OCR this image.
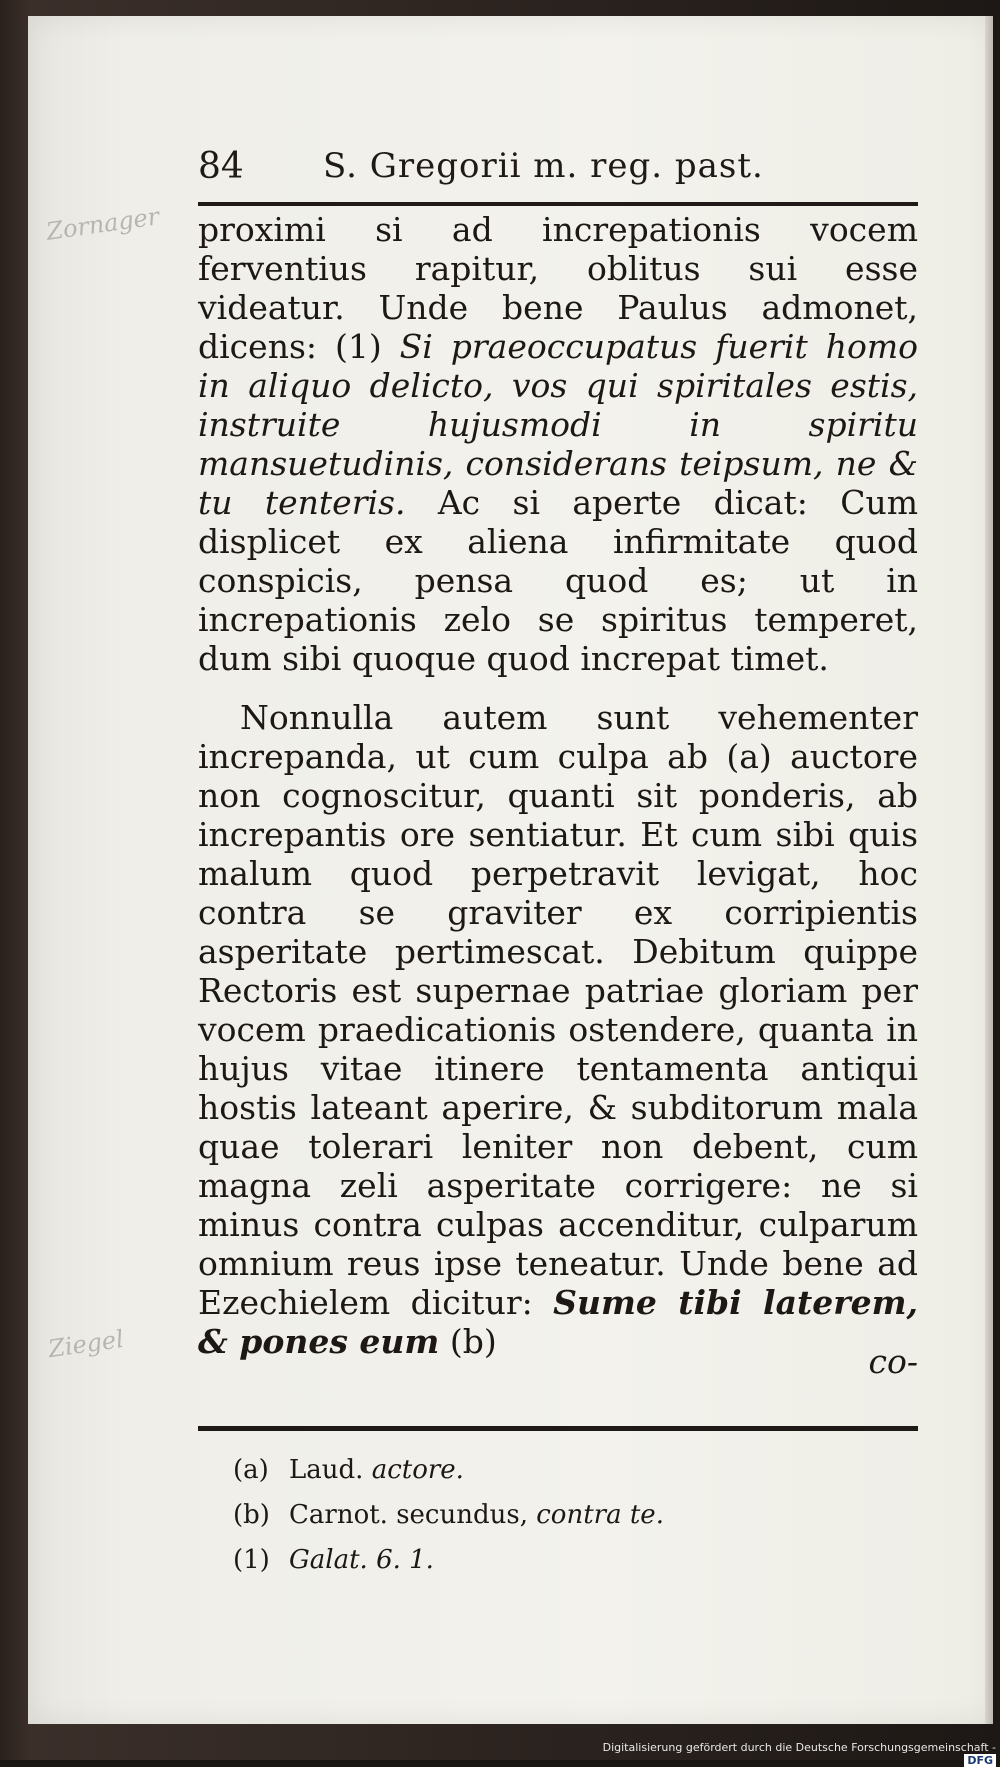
Zornager
Ziegel
84 S. Gregorii m. reg. past.

proximi si ad increpationis vocem ferventius rapitur, oblitus sui esse videatur. Unde bene Paulus admonet, dicens: (1) Si praeoccupatus fuerit homo in aliquo delicto, vos qui spiritales estis, instruite hujusmodi in spiritu mansuetudinis, considerans teipsum, ne & tu tenteris. Ac si aperte dicat: Cum displicet ex aliena infirmitate quod conspicis, pensa quod es; ut in increpationis zelo se spiritus temperet, dum sibi quoque quod increpat timet.

Nonnulla autem sunt vehementer increpanda, ut cum culpa ab (a) auctore non cognoscitur, quanti sit ponderis, ab increpantis ore sentiatur. Et cum sibi quis malum quod perpetravit levigat, hoc contra se graviter ex corripientis asperitate pertimescat. Debitum quippe Rectoris est supernae patriae gloriam per vocem praedicationis ostendere, quanta in hujus vitae itinere tentamenta antiqui hostis lateant aperire, & subditorum mala quae tolerari leniter non debent, cum magna zeli asperitate corrigere: ne si minus contra culpas accenditur, culparum omnium reus ipse teneatur. Unde bene ad Ezechielem dicitur: Sume tibi laterem, & pones eum (b)

co-
(a) Laud. actore.
(b) Carnot. secundus, contra te.
(1) Galat. 6. 1.
Digitalisierung gefördert durch die Deutsche Forschungsgemeinschaft -DFG
